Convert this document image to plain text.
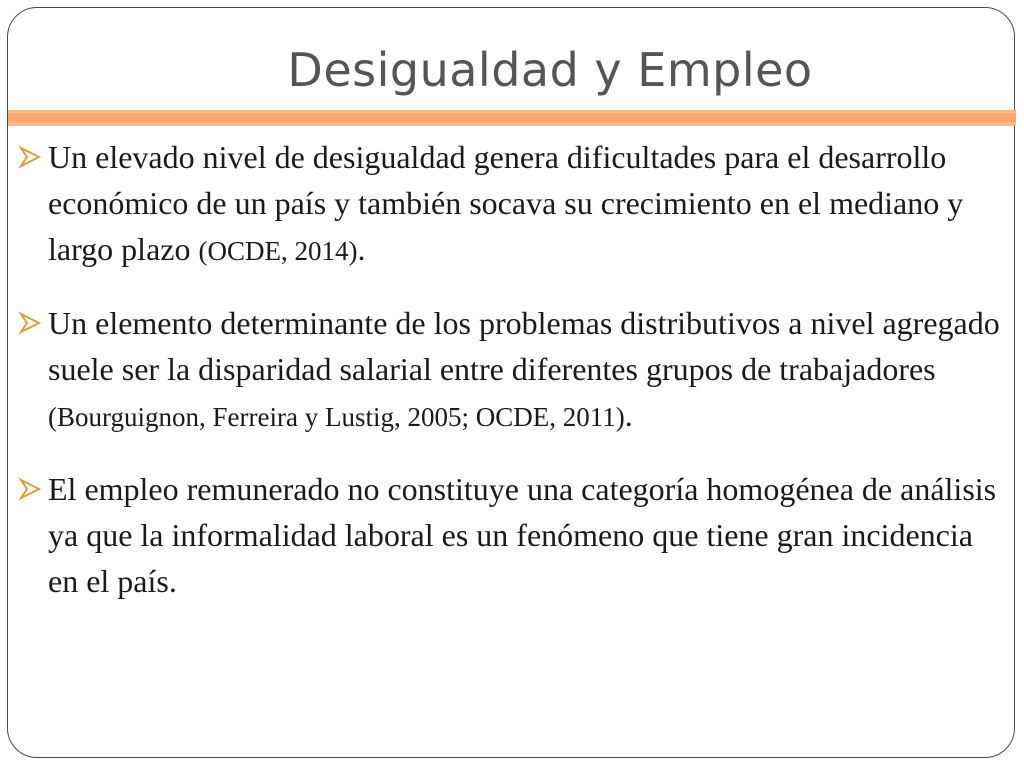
Desigualdad y Empleo
Un elevado nivel de desigualdad genera dificultades para el desarrollo económico de un país y también socava su crecimiento en el mediano y largo plazo (OCDE, 2014).
Un elemento determinante de los problemas distributivos a nivel agregado suele ser la disparidad salarial entre diferentes grupos de trabajadores (Bourguignon, Ferreira y Lustig, 2005; OCDE, 2011).
El empleo remunerado no constituye una categoría homogénea de análisis ya que la informalidad laboral es un fenómeno que tiene gran incidencia en el país.
